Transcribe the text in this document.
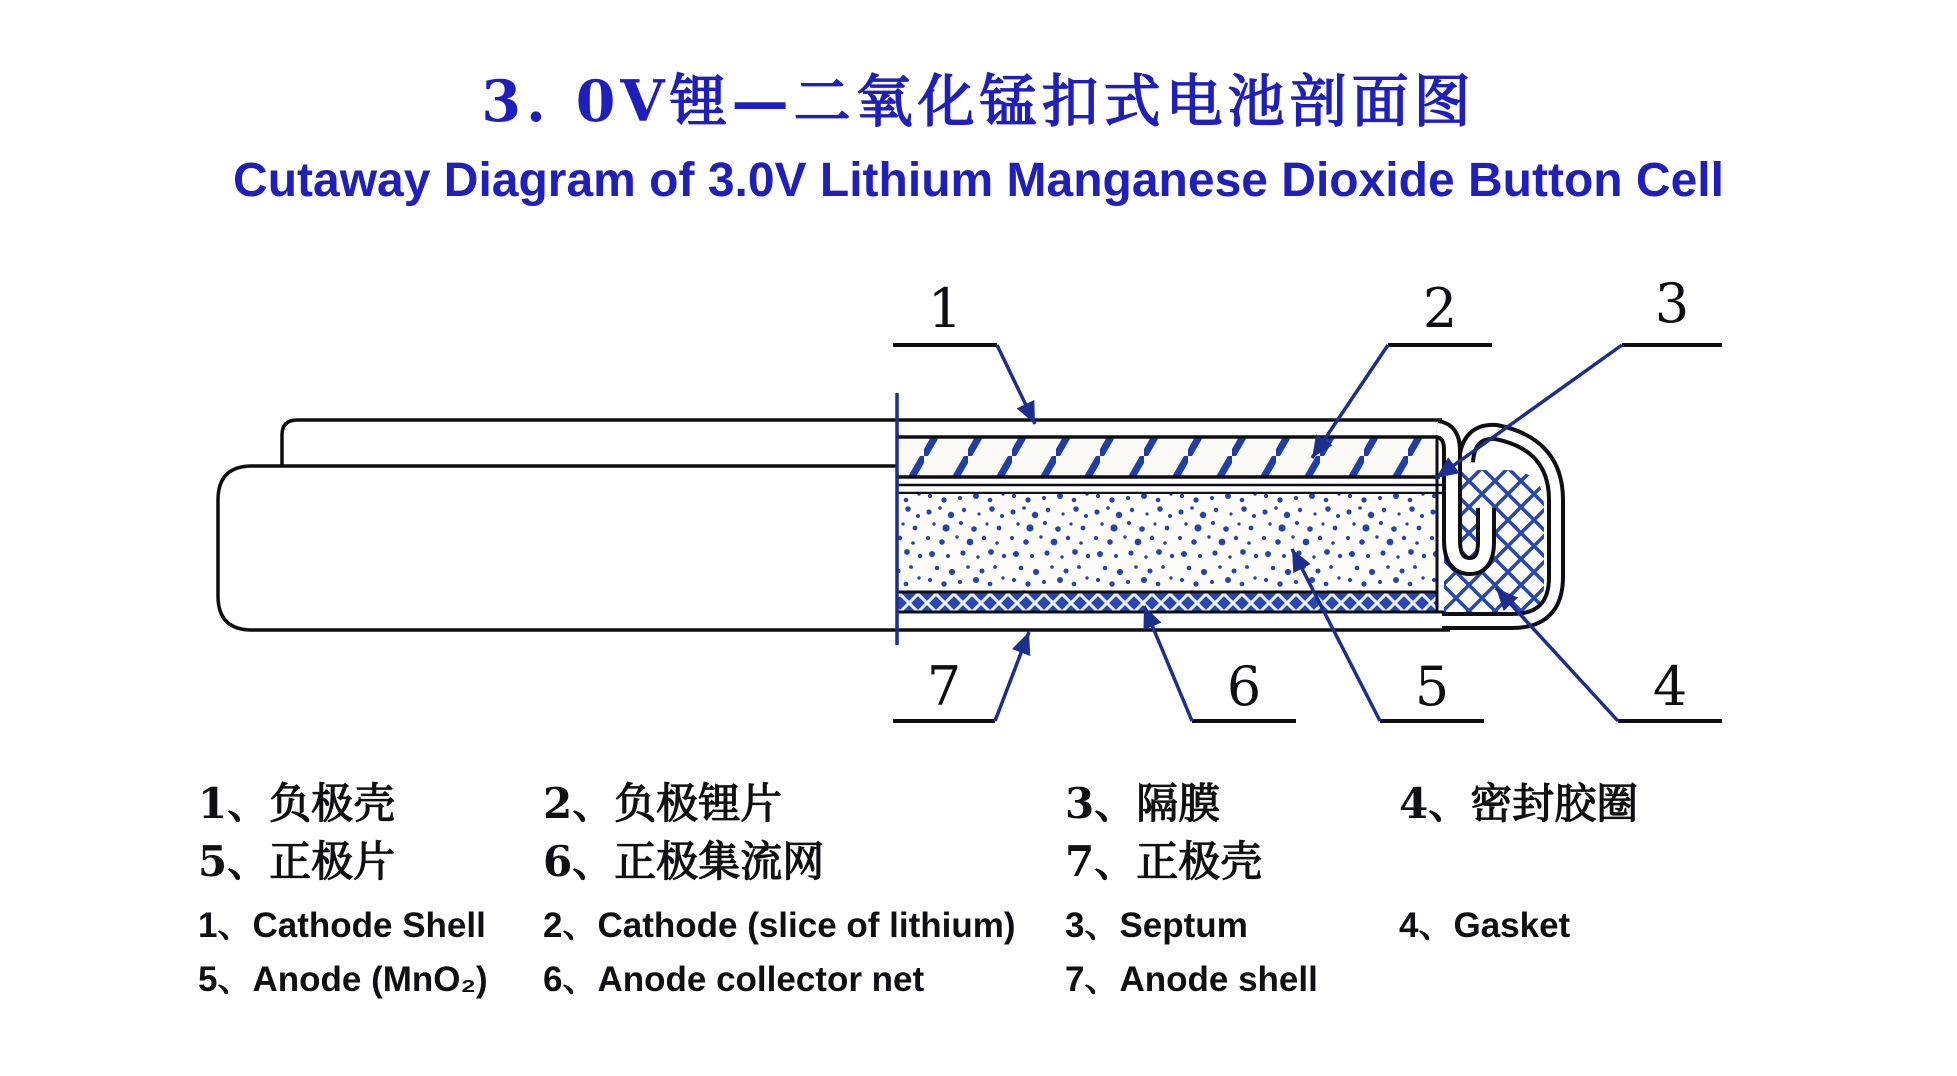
3. 0V锂—二氧化锰扣式电池剖面图
Cutaway Diagram of 3.0V Lithium Manganese Dioxide Button Cell
1	2	3
7	6	5	4
1、负极壳	2、负极锂片	3、隔膜	4、密封胶圈
5、正极片	6、正极集流网	7、正极壳
1、Cathode Shell	2、Cathode (slice of lithium)	3、Septum	4、Gasket
5、Anode (MnO₂)	6、Anode collector net	7、Anode shell
